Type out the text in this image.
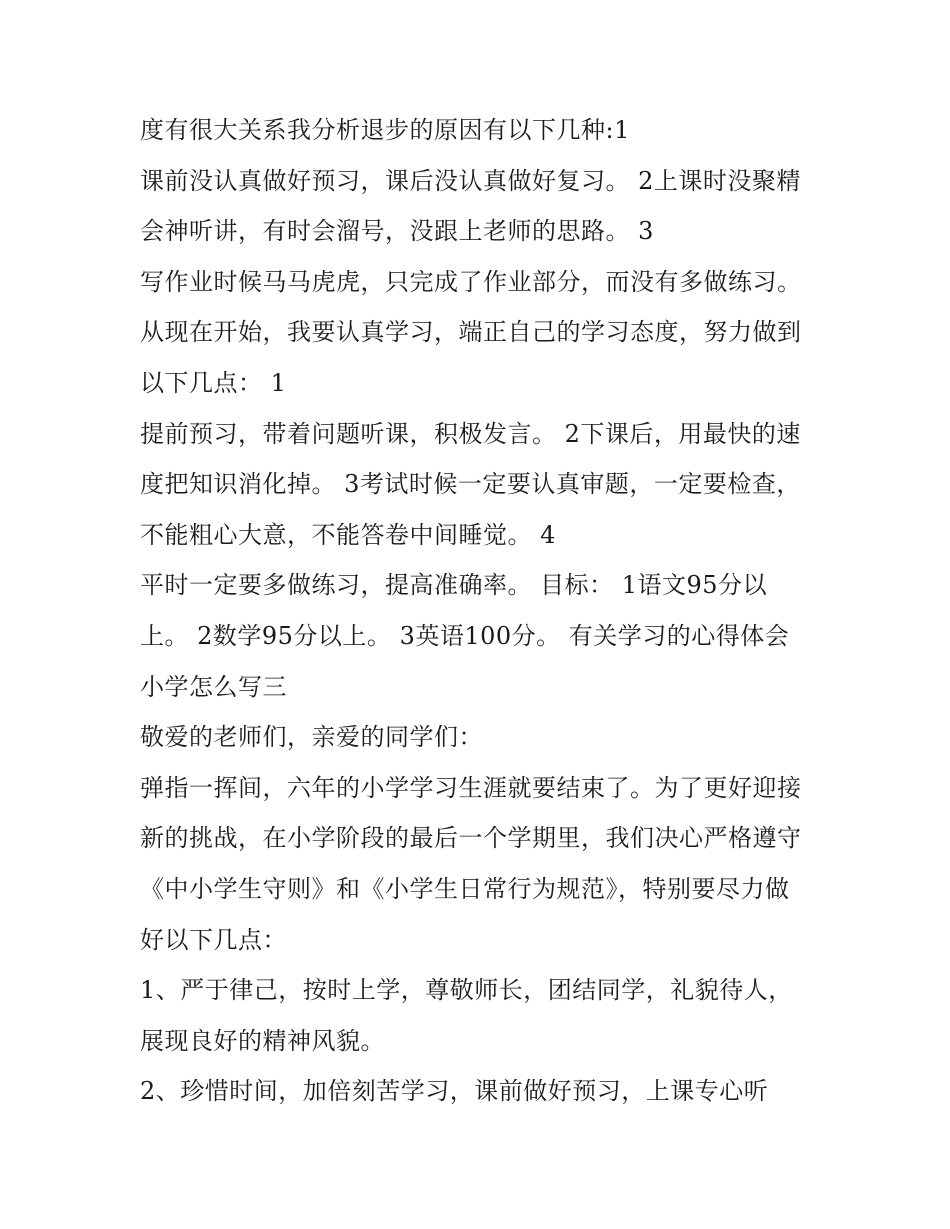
度有很大关系我分析退步的原因有以下几种:1
课前没认真做好预习，课后没认真做好复习。 2上课时没聚精
会神听讲，有时会溜号，没跟上老师的思路。 3
写作业时候马马虎虎，只完成了作业部分，而没有多做练习。
从现在开始，我要认真学习，端正自己的学习态度，努力做到
以下几点： 1
提前预习，带着问题听课，积极发言。 2下课后，用最快的速
度把知识消化掉。 3考试时候一定要认真审题，一定要检查，
不能粗心大意，不能答卷中间睡觉。 4
平时一定要多做练习，提高准确率。 目标： 1语文95分以
上。 2数学95分以上。 3英语100分。 有关学习的心得体会
小学怎么写三
敬爱的老师们，亲爱的同学们：
弹指一挥间，六年的小学学习生涯就要结束了。为了更好迎接
新的挑战，在小学阶段的最后一个学期里，我们决心严格遵守
《中小学生守则》和《小学生日常行为规范》，特别要尽力做
好以下几点：
1、严于律己，按时上学，尊敬师长，团结同学，礼貌待人，
展现良好的精神风貌。
2、珍惜时间，加倍刻苦学习，课前做好预习，上课专心听
